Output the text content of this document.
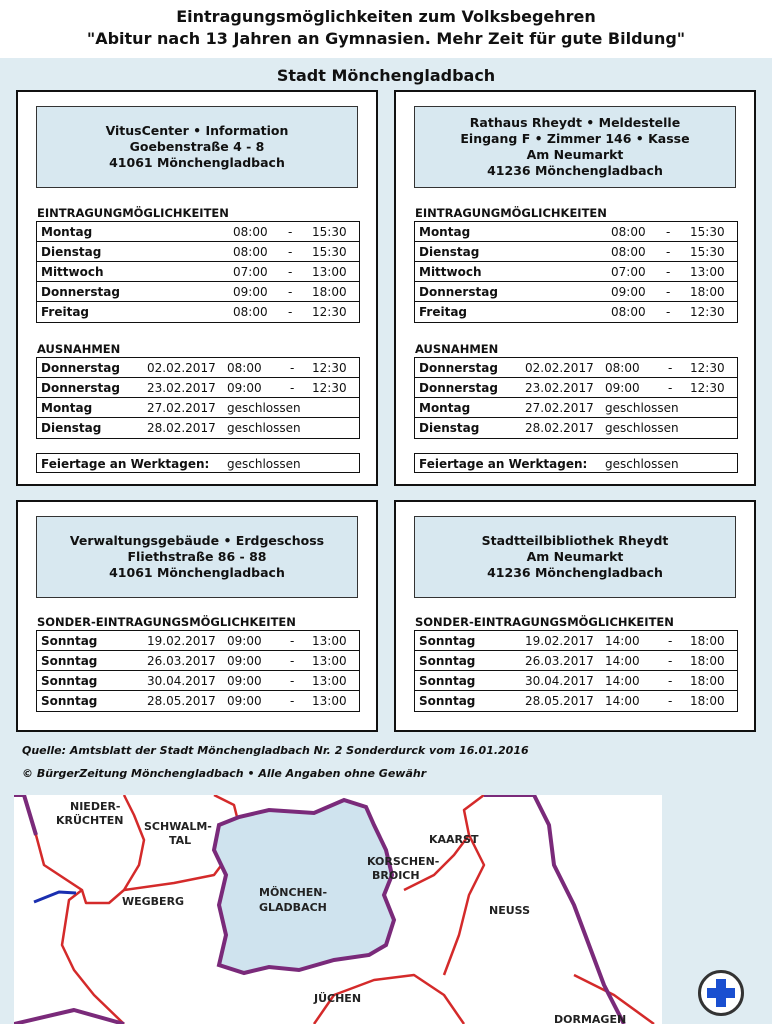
Eintragungsmöglichkeiten zum Volksbegehren
"Abitur nach 13 Jahren an Gymnasien. Mehr Zeit für gute Bildung"
Stadt Mönchengladbach
VitusCenter • Information
Goebenstraße 4 - 8
41061 Mönchengladbach
EINTRAGUNGMÖGLICHKEITEN
Montag	08:00 - 15:30
Dienstag	08:00 - 15:30
Mittwoch	07:00 - 13:00
Donnerstag	09:00 - 18:00
Freitag	08:00 - 12:30
AUSNAHMEN
Donnerstag 02.02.2017 08:00 - 12:30
Donnerstag 23.02.2017 09:00 - 12:30
Montag	27.02.2017 geschlossen
Dienstag	28.02.2017 geschlossen
Feiertage an Werktagen: geschlossen
Rathaus Rheydt • Meldestelle
Eingang F • Zimmer 146 • Kasse
Am Neumarkt
41236 Mönchengladbach
EINTRAGUNGMÖGLICHKEITEN
Montag	08:00 - 15:30
Dienstag	08:00 - 15:30
Mittwoch	07:00 - 13:00
Donnerstag	09:00 - 18:00
Freitag	08:00 - 12:30
AUSNAHMEN
Donnerstag 02.02.2017 08:00 - 12:30
Donnerstag 23.02.2017 09:00 - 12:30
Montag	27.02.2017 geschlossen
Dienstag	28.02.2017 geschlossen
Feiertage an Werktagen: geschlossen
Verwaltungsgebäude • Erdgeschoss
Fliethstraße 86 - 88
41061 Mönchengladbach
SONDER-EINTRAGUNGSMÖGLICHKEITEN
Sonntag	19.02.2017 09:00 - 13:00
Sonntag	26.03.2017 09:00 - 13:00
Sonntag	30.04.2017 09:00 - 13:00
Sonntag	28.05.2017 09:00 - 13:00
Stadtteilbibliothek Rheydt
Am Neumarkt
41236 Mönchengladbach
SONDER-EINTRAGUNGSMÖGLICHKEITEN
Sonntag	19.02.2017 14:00 - 18:00
Sonntag	26.03.2017 14:00 - 18:00
Sonntag	30.04.2017 14:00 - 18:00
Sonntag	28.05.2017 14:00 - 18:00
Quelle: Amtsblatt der Stadt Mönchengladbach Nr. 2 Sonderdurck vom 16.01.2016
© BürgerZeitung Mönchengladbach • Alle Angaben ohne Gewähr
NIEDER-
KRÜCHTEN SCHWALM-
TAL
WEGBERG
MÖNCHEN-
GLADBACH
KORSCHEN-
BROICH
KAARST
NEUSS
JÜCHEN
DORMAGEN
